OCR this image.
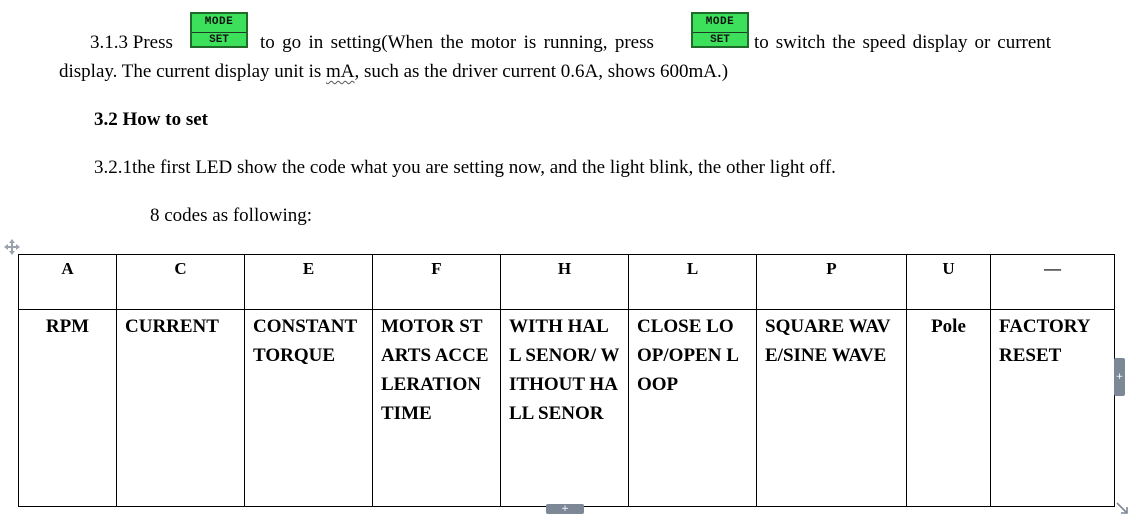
3.1.3 Press
MODE
SET	to go in setting(When the motor is running, press
MODE
SET	to switch the speed display or current
display. The current display unit is mA, such as the driver current 0.6A, shows 600mA.)
3.2 How to set
3.2.1the first LED show the code what you are setting now, and the light blink, the other light off.
8 codes as following:
A	C	E	F	H	L	P	U	—
RPM	CURRENT	CONSTANT TORQUE	MOTOR STARTS ACCELERATION TIME	WITH HALL SENOR/ WITHOUT HALL SENOR	CLOSE LOOP/OPEN LOOP	SQUARE WAVE/SINE WAVE	Pole	FACTORY RESET
+
+
